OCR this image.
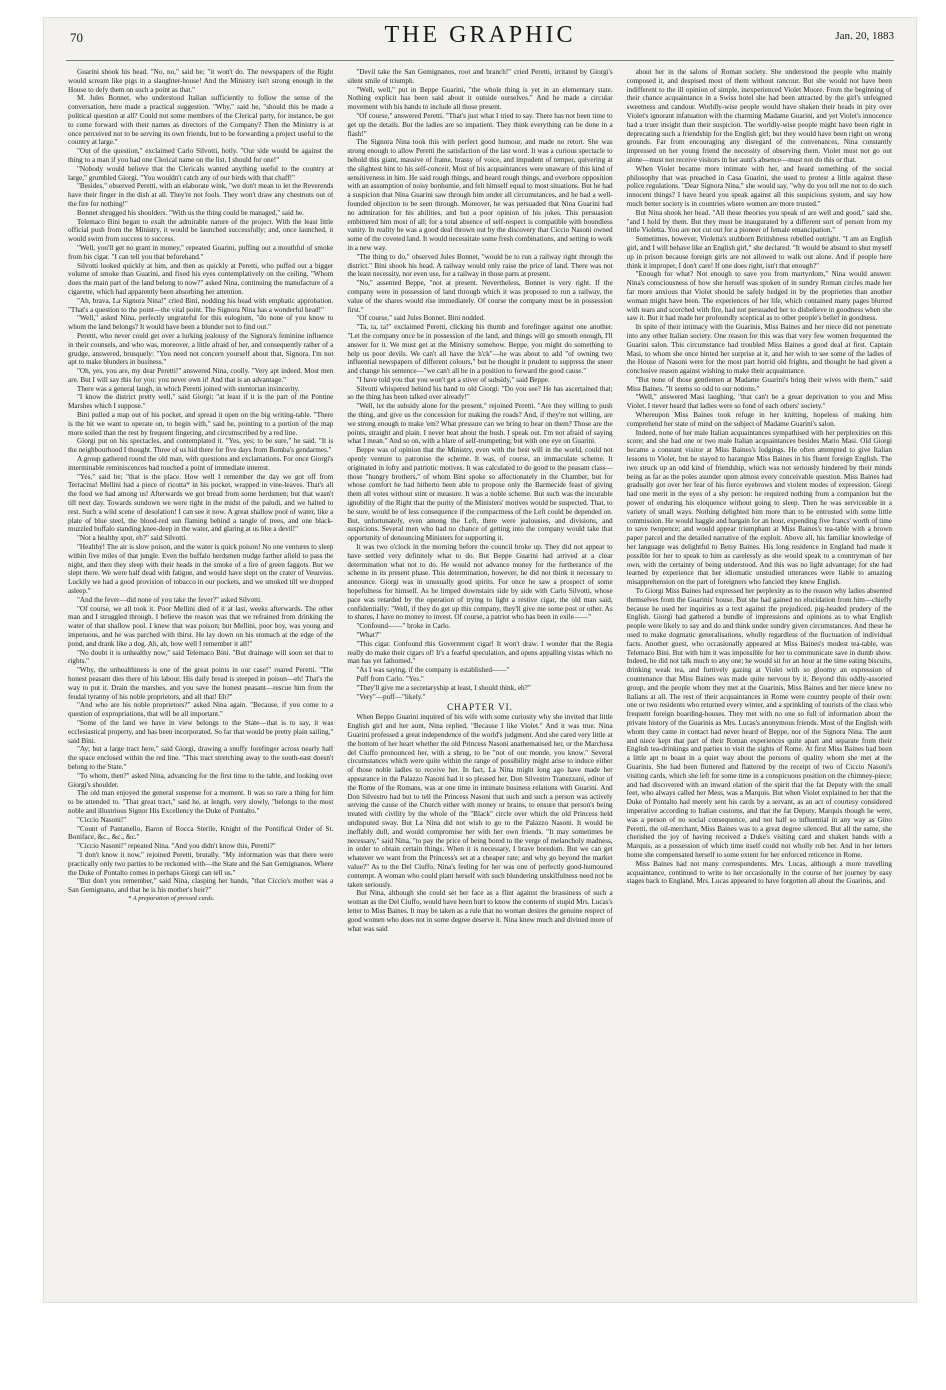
70	THE GRAPHIC	Jan. 20, 1883

Guarini shook his head. "No, no," said he; "it won't do. The newspapers of the Right would scream like pigs in a slaughter-house! And the Ministry isn't strong enough in the House to defy them on such a point as that."

M. Jules Bonnet, who understood Italian sufficiently to follow the sense of the conversation, here made a practical suggestion. "Why," said he, "should this be made a political question at all? Could not some members of the Clerical party, for instance, be got to come forward with their names as directors of the Company? Then the Ministry is at once perceived not to be serving its own friends, but to be forwarding a project useful to the country at large."

"Out of the question," exclaimed Carlo Silvotti, hotly. "Our side would be against the thing to a man if you had one Clerical name on the list. I should for one!"

"Nobody would believe that the Clericals wanted anything useful to the country at large," grumbled Giorgi. "You wouldn't catch any of our birds with that chaff!"

"Besides," observed Peretti, with an elaborate wink, "we don't mean to let the Reverends have their finger in the dish at all. They're not fools. They won't draw any chestnuts out of the fire for nothing!"

Bonnet shrugged his shoulders. "With us the thing could be managed," said he.

Telemaco Bini began to exalt the admirable nature of the project. With the least little official push from the Ministry, it would be launched successfully; and, once launched, it would swim from success to success.

"Well, you'll get no grant in money," repeated Guarini, puffing out a mouthful of smoke from his cigar. "I can tell you that beforehand."

Silvotti looked quickly at him, and then as quickly at Peretti, who puffed out a bigger volume of smoke than Guarini, and fixed his eyes contemplatively on the ceiling. "Whom does the main part of the land belong to now?" asked Nina, continuing the manufacture of a cigarette, which had apparently been absorbing her attention.

"Ah, brava, La Signora Nina!" cried Bini, nodding his head with emphatic approbation. "That's a question to the point—the vital point. The Signora Nina has a wonderful head!"

"Well," asked Nina, perfectly ungrateful for this eulogium, "do none of you know to whom the land belongs? It would have been a blunder not to find out."

Peretti, who never could get over a lurking jealousy of the Signora's feminine influence in their counsels, and who was, moreover, a little afraid of her, and consequently rather of a grudge, answered, brusquely: "You need not concern yourself about that, Signora. I'm not apt to make blunders in business."

"Oh, yes, you are, my dear Peretti!" answered Nina, coolly. "Very apt indeed. Most men are. But I will say this for you: you never own it! And that is an advantage."

There was a general laugh, in which Peretti joined with stentorian insincerity.

"I know the district pretty well," said Giorgi; "at least if it is the part of the Pontine Marshes which I suppose."

Bini pulled a map out of his pocket, and spread it open on the big writing-table. "There is the bit we want to operate on, to begin with," said he, pointing to a portion of the map more soiled than the rest by frequent fingering, and circumscribed by a red line.

Giorgi put on his spectacles, and contemplated it. "Yes, yes; to be sure," he said. "It is the neighbourhood I thought. Three of us hid there for five days from Bomba's gendarmes."

A group gathered round the old man, with questions and exclamations. For once Giorgi's interminable reminiscences had touched a point of immediate interest.

"Yes," said he; "that is the place. How well I remember the day we got off from Terracina! Mellini had a piece of ricotta* in his pocket, wrapped in vine-leaves. That's all the food we had among us! Afterwards we got bread from some herdsmen; but that wasn't till next day. Towards sundown we were right in the midst of the paludi, and we halted to rest. Such a wild scene of desolation! I can see it now. A great shallow pool of water, like a plate of blue steel, the blood-red sun flaming behind a tangle of trees, and one black-muzzled buffalo standing knee-deep in the water, and glaring at us like a devil!"

"Not a healthy spot, eh?" said Silvotti.

"Healthy! The air is slow poison, and the water is quick poison! No one ventures to sleep within five miles of that jungle. Even the buffalo herdsmen trudge farther afield to pass the night, and then they sleep with their heads in the smoke of a fire of green faggots. But we slept there. We were half dead with fatigue, and would have slept on the crater of Vesuvius. Luckily we had a good provision of tobacco in our pockets, and we smoked till we dropped asleep."

"And the fever—did none of you take the fever?" asked Silvotti.

"Of course, we all took it. Poor Mellini died of it at last, weeks afterwards. The other man and I struggled through. I believe the reason was that we refrained from drinking the water of that shallow pool. I knew that was poison; but Mellini, poor boy, was young and impetuous, and he was parched with thirst. He lay down on his stomach at the edge of the pond, and drank like a dog. Ah, ah, how well I remember it all!"

"No doubt it is unhealthy now," said Telemaco Bini. "But drainage will soon set that to rights."

"Why, the unhealthiness is one of the great points in our case!" roared Peretti. "The honest peasant dies there of his labour. His daily bread is steeped in poison—eh! That's the way to put it. Drain the marshes, and you save the honest peasant—rescue him from the feudal tyranny of his noble proprietors, and all that! Eh?"

"And who are his noble proprietors?" asked Nina again. "Because, if you come to a question of expropriations, that will be all important."

"Some of the land we have in view belongs to the State—that is to say, it was ecclesiastical property, and has been incorporated. So far that would be pretty plain sailing," said Bini.

"Ay; but a large tract here," said Giorgi, drawing a snuffy forefinger across nearly half the space enclosed within the red line. "This tract stretching away to the south-east doesn't belong to the State."

"To whom, then?" asked Nina, advancing for the first time to the table, and looking over Giorgi's shoulder.

The old man enjoyed the general suspense for a moment. It was so rare a thing for him to be attended to. "That great tract," said he, at length, very slowly, "belongs to the most noble and illustrious Signor His Excellency the Duke of Pontalto."

"Ciccio Nasoni!"

"Count of Pantanello, Baron of Rocca Sterile, Knight of the Pontifical Order of St. Boniface, &c., &c., &c."

"Ciccio Nasoni!" repeated Nina. "And you didn't know this, Peretti?"

"I don't know it now," rejoined Peretti, brutally. "My information was that there were practically only two parties to be reckoned with—the State and the San Gemignanos. Where the Duke of Pontalto comes in perhaps Giorgi can tell us."

"But don't you remember," said Nina, clasping her hands, "that Ciccio's mother was a San Gemignano, and that he is his mother's heir?"

* A preparation of pressed curds.

"Devil take the San Gemignanos, root and branch!" cried Peretti, irritated by Giorgi's silent smile of triumph.

"Well, well," put in Beppe Guarini, "the whole thing is yet in an elementary state. Nothing explicit has been said about it outside ourselves." And he made a circular movement with his hands to include all those present.

"Of course," answered Peretti. "That's just what I tried to say. There has not been time to get up the details. But the ladies are so impatient. They think everything can be done in a flash!"

The Signora Nina took this with perfect good humour, and made no retort. She was strong enough to allow Peretti the satisfaction of the last word. It was a curious spectacle to behold this giant, massive of frame, brassy of voice, and impudent of temper, quivering at the slightest hint to his self-conceit. Most of his acquaintances were unaware of this kind of sensitiveness in him. He said rough things, and heard rough things, and overbore opposition with an assumption of noisy bonhomie, and felt himself equal to most situations. But he had a suspicion that Nina Guarini saw through him under all circumstances, and he had a well-founded objection to be seen through. Moreover, he was persuaded that Nina Guarini had no admiration for his abilities, and but a poor opinion of his jokes. This persuasion embittered him most of all; for a total absence of self-respect is compatible with boundless vanity. In reality he was a good deal thrown out by the discovery that Ciccio Nasoni owned some of the coveted land. It would necessitate some fresh combinations, and setting to work in a new way.

"The thing to do," observed Jules Bonnet, "would be to run a railway right through the district." Bini shook his head. A railway would only raise the price of land. There was not the least necessity, nor even use, for a railway in those parts at present.

"No," assented Beppe, "not at present. Nevertheless, Bonnet is very right. If the company were in possession of land through which it was proposed to run a railway, the value of the shares would rise immediately. Of course the company must be in possession first."

"Of course," said Jules Bonnet. Bini nodded.

"Ta, ta, ta!" exclaimed Peretti, clicking his thumb and forefinger against one another. "Let the company once be in possession of the land, and things will go smooth enough, I'll answer for it. We must get at the Ministry somehow. Beppe, you might do something to help us poor devils. We can't all have the h'ck"—he was about to add "of owning two influential newspapers of different colours," but he thought it prudent to suppress the sneer and change his sentence—"we can't all be in a position to forward the good cause."

"I have told you that you won't get a stiver of subsidy," said Beppe.

Silvotti whispered behind his hand to old Giorgi: "Do you see? He has ascertained that; so the thing has been talked over already!"

"Well, let the subsidy alone for the present," rejoined Peretti. "Are they willing to push the thing, and give us the concession for making the roads? And, if they're not willing, are we strong enough to make 'em? What pressure can we bring to bear on them? Those are the points, straight and plain. I never beat about the bush. I speak out. I'm not afraid of saying what I mean." And so on, with a blare of self-trumpeting; but with one eye on Guarini.

Beppe was of opinion that the Ministry, even with the best will in the world, could not openly venture to patronise the scheme. It was, of course, an immaculate scheme. It originated in lofty and patriotic motives. It was calculated to do good to the peasant class—those "hungry brothers," of whom Bini spoke so affectionately in the Chamber, but for whose comfort he had hitherto been able to propose only the Barmecide feast of giving them all votes without stint or measure. It was a noble scheme. But such was the incurable ignobility of the Right that the purity of the Ministers' motives would be suspected. That, to be sure, would be of less consequence if the compactness of the Left could be depended on. But, unfortunately, even among the Left, there were jealousies, and divisions, and suspicions. Several men who had no chance of getting into the company would take that opportunity of denouncing Ministers for supporting it.

It was two o'clock in the morning before the council broke up. They did not appear to have settled very definitely what to do. But Beppe Guarini had arrived at a clear determination what not to do. He would not advance money for the furtherance of the scheme in its present phase. This determination, however, he did not think it necessary to announce. Giorgi was in unusually good spirits. For once he saw a prospect of some hopefulness for himself. As he limped downstairs side by side with Carlo Silvotti, whose pace was retarded by the operation of trying to light a restive cigar, the old man said, confidentially: "Well, if they do get up this company, they'll give me some post or other. As to shares, I have no money to invest. Of course, a patriot who has been in exile——"

"Confound——" broke in Carlo.

"What?"

"This cigar. Confound this Government cigar! It won't draw. I wonder that the Regia really do make their cigars of! It's a fearful speculation, and opens appalling vistas which no man has yet fathomed."

"As I was saying, if the company is established——"

Puff from Carlo. "Yes."

"They'll give me a secretaryship at least, I should think, eh?"

"Very"—puff—"likely."

CHAPTER VI.

When Beppo Guarini inquired of his wife with some curiosity why she invited that little English girl and her aunt, Nina replied, "Because I like Violet." And it was true. Nina Guarini professed a great independence of the world's judgment. And she cared very little at the bottom of her heart whether the old Princess Nasoni anathematised her, or the Marchesa del Ciuffo pronounced her, with a shrug, to be "not of our monde, you know." Several circumstances which were quite within the range of possibility might arise to induce either of those noble ladies to receive her. In fact, La Nina might long ago have made her appearance in the Palazzo Nasoni had it so pleased her. Don Silvestro Tranezzani, editor of the Rome of the Romans, was at one time in intimate business relations with Guarini. And Don Silvestro had but to tell the Princess Nasoni that such and such a person was actively serving the cause of the Church either with money or brains, to ensure that person's being treated with civility by the whole of the "Black" circle over which the old Princess held undisputed sway. But La Nina did not wish to go to the Palazzo Nasoni. It would be ineffably dull, and would compromise her with her own friends. "It may sometimes be necessary," said Nina, "to pay the price of being bored to the verge of melancholy madness, in order to obtain certain things. When it is necessary, I brave boredom. But we can get whatever we want from the Princess's set at a cheaper rate; and why go beyond the market value?" As to the Del Ciuffo, Nina's feeling for her was one of perfectly good-humoured contempt. A woman who could plant herself with such blundering unskilfulness need not be taken seriously.

But Nina, although she could set her face as a flint against the brassiness of such a woman as the Del Ciuffo, would have been hurt to know the contents of stupid Mrs. Lucas's letter to Miss Baines. It may be taken as a rule that no woman desires the genuine respect of good women who does not in some degree deserve it. Nina knew much and divined more of what was said

about her in the salons of Roman society. She understood the people who mainly composed it, and despised most of them without rancour. But she would not have been indifferent to the ill opinion of simple, inexperienced Violet Moore. From the beginning of their chance acquaintance in a Swiss hotel she had been attracted by the girl's unfeigned sweetness and candour. Worldly-wise people would have shaken their heads in pity over Violet's ignorant infatuation with the charming Madame Guarini, and yet Violet's innocence had a truer insight than their suspicion. The worldly-wise people might have been right in deprecating such a friendship for the English girl; but they would have been right on wrong grounds. Far from encouraging any disregard of the convenances, Nina constantly impressed on her young friend the necessity of observing them. Violet must not go out alone—must not receive visitors in her aunt's absence—must not do this or that.

When Violet became more intimate with her, and heard something of the social philosophy that was preached in Casa Guarini, she used to protest a little against these police regulations. "Dear Signora Nina," she would say, "why do you tell me not to do such innocent things? I have heard you speak against all this suspicious system, and say how much better society is in countries where women are more trusted."

But Nina shook her head. "All these theories you speak of are well and good," said she, "and I hold by them. But they must be inaugurated by a different sort of person from my little Violetta. You are not cut out for a pioneer of female emancipation."

Sometimes, however, Violetta's stubborn Britishness rebelled outright. "I am an English girl, and I will behave like an English girl," she declared. "It would be absurd to shut myself up in prison because foreign girls are not allowed to walk out alone. And if people here think it improper, I don't care! If one does right, isn't that enough?"

"Enough for what? Not enough to save you from martyrdom," Nina would answer. Nina's consciousness of how she herself was spoken of in sundry Roman circles made her far more anxious that Violet should be safely hedged in by the proprieties than another woman might have been. The experiences of her life, which contained many pages blurred with tears and scorched with fire, had not persuaded her to disbelieve in goodness when she saw it. But it had made her profoundly sceptical as to other people's belief in goodness.

In spite of their intimacy with the Guarinis, Miss Baines and her niece did not penetrate into any other Italian society. One reason for this was that very few women frequented the Guarini salon. This circumstance had troubled Miss Baines a good deal at first. Captain Masi, to whom she once hinted her surprise at it, and her wish to see some of the ladies of the House of Nasoni were for the most part horrid old frights, and thought he had given a conclusive reason against wishing to make their acquaintance.

"But none of those gentlemen at Madame Guarini's bring their wives with them," said Miss Baines. "It seems so odd to our notions."

"Well," answered Masi laughing, "that can't be a great deprivation to you and Miss Violet. I never heard that ladies were so fond of each others' society."

Whereupon Miss Baines took refuge in her knitting, hopeless of making him comprehend her state of mind on the subject of Madame Guarini's salon.

Indeed, none of her male Italian acquaintances sympathised with her perplexities on this score; and she had one or two male Italian acquaintances besides Mario Masi. Old Giorgi became a constant visitor at Miss Baines's lodgings. He often attempted to give Italian lessons to Violet, but he stayed to harangue Miss Baines in his fluent foreign English. The two struck up an odd kind of friendship, which was not seriously hindered by their minds being as far as the poles asunder upon almost every conceivable question. Miss Baines had gradually got over her fear of his fierce eyebrows and violent modes of expression. Giorgi had one merit in the eyes of a shy person: he required nothing from a companion but the power of enduring his eloquence without going to sleep. Then he was serviceable in a variety of small ways. Nothing delighted him more than to be entrusted with some little commission. He would haggle and bargain for an hour, expending five francs' worth of time to save twopence; and would appear triumphant at Miss Baines's tea-table with a brown paper parcel and the detailed narrative of the exploit. Above all, his familiar knowledge of her language was delightful to Betsy Baines. His long residence in England had made it possible for her to speak to him as carelessly as she would speak to a countryman of her own, with the certainty of being understood. And this was no light advantage; for she had learned by experience that her idiomatic unstudied utterances were liable to amazing misapprehension on the part of foreigners who fancied they knew English.

To Giorgi Miss Baines had expressed her perplexity as to the reason why ladies absented themselves from the Guarinis' house. But she had gained no elucidation from him—chiefly because he used her inquiries as a text against the prejudiced, pig-headed prudery of the English. Giorgi had gathered a bundle of impressions and opinions as to what English people were likely to say and do and think under sundry given circumstances. And these he used to make dogmatic generalisations, wholly regardless of the fluctuation of individual facts. Another guest, who occasionally appeared at Miss Baines's modest tea-table, was Telemaco Bini. But with him it was impossible for her to communicate save in dumb show. Indeed, he did not talk much to any one; he would sit for an hour at the time eating biscuits, drinking weak tea, and furtively gazing at Violet with so gloomy an expression of countenance that Miss Baines was made quite nervous by it. Beyond this oddly-assorted group, and the people whom they met at the Guarinis, Miss Baines and her niece knew no Italians at all. The rest of their acquaintances in Rome were country people of their own: one or two residents who returned every winter, and a sprinkling of tourists of the class who frequent foreign boarding-houses. They met with no one so full of information about the private history of the Guarinis as Mrs. Lucas's anonymous friends. Most of the English with whom they came in contact had never heard of Beppe, nor of the Signora Nina. The aunt and niece kept that part of their Roman experiences quite apart and separate from their English tea-drinkings and parties to visit the sights of Rome. At first Miss Baines had been a little apt to boast in a quiet way about the persons of quality whom she met at the Guarinis. She had been fluttered and flattered by the receipt of two of Ciccio Nasoni's visiting cards, which she left for some time in a conspicuous position on the chimney-piece; and had discovered with an inward elation of the spirit that the fat Deputy with the small feet, who always called her Mess, was a Marquis. But when Violet explained to her that the Duke of Pontalto had merely sent his cards by a servant, as an act of courtesy considered imperative according to Italian customs, and that the fat Deputy, Marquis though he were, was a person of no social consequence, and not half so influential in any way as Gino Peretti, the oil-merchant, Miss Baines was to a great degree silenced. But all the same, she cherished the joy of having received a Duke's visiting card and shaken hands with a Marquis, as a possession of which time itself could not wholly rob her. And in her letters home she compensated herself to some extent for her enforced reticence in Rome.

Miss Baines had not many correspondents. Mrs. Lucas, although a more travelling acquaintance, continued to write to her occasionally in the course of her journey by easy stages back to England. Mrs. Lucas appeared to have forgotten all about the Guarinis, and
